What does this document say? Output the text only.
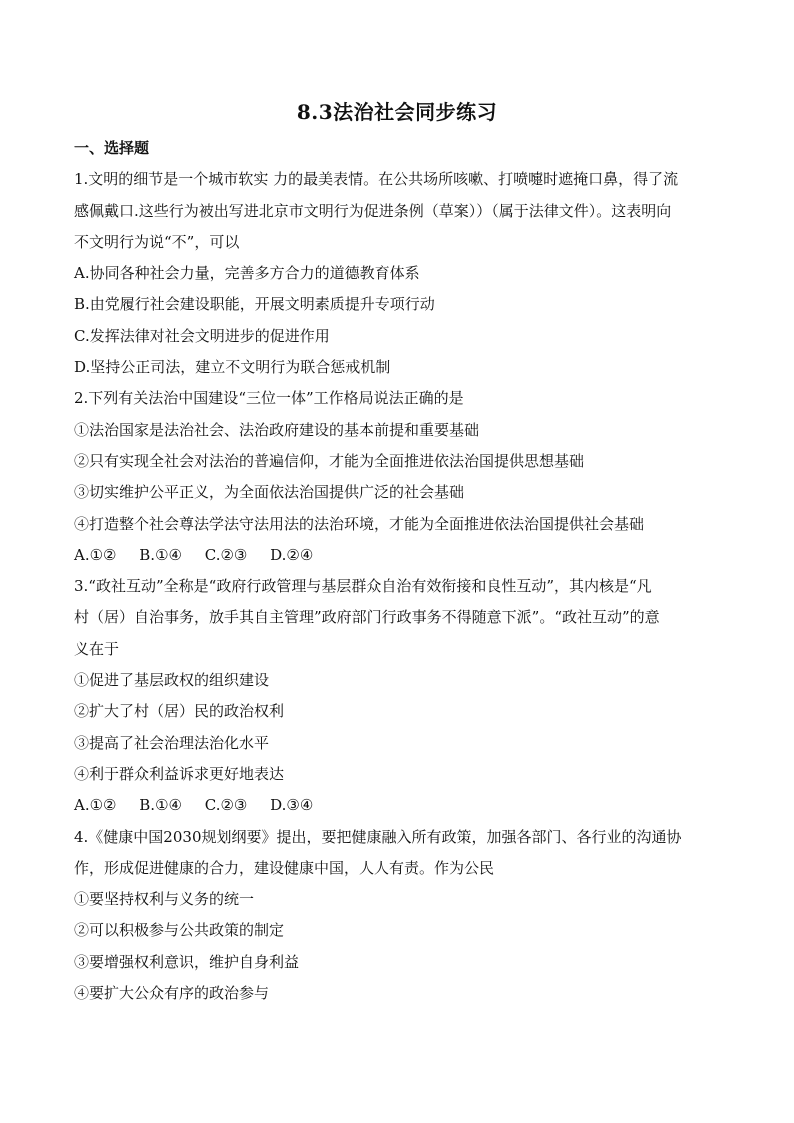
8.3法治社会同步练习
一、选择题
1.文明的细节是一个城市软实 力的最美表情。在公共场所咳嗽、打喷嚏时遮掩口鼻，得了流
感佩戴口.这些行为被出写进北京市文明行为促进条例（草案））（属于法律文件）。这表明向
不文明行为说“不”，可以
A.协同各种社会力量，完善多方合力的道德教育体系
B.由党履行社会建设职能，开展文明素质提升专项行动
C.发挥法律对社会文明进步的促进作用
D.坚持公正司法，建立不文明行为联合惩戒机制
2.下列有关法治中国建设“三位一体”工作格局说法正确的是
①法治国家是法治社会、法治政府建设的基本前提和重要基础
②只有实现全社会对法治的普遍信仰，才能为全面推进依法治国提供思想基础
③切实维护公平正义，为全面依法治国提供广泛的社会基础
④打造整个社会尊法学法守法用法的法治环境，才能为全面推进依法治国提供社会基础
A.①② B.①④ C.②③ D.②④
3.“政社互动”全称是“政府行政管理与基层群众自治有效衔接和良性互动”，其内核是“凡
村（居）自治事务，放手其自主管理”政府部门行政事务不得随意下派”。“政社互动”的意
义在于
①促进了基层政权的组织建设
②扩大了村（居）民的政治权利
③提高了社会治理法治化水平
④利于群众利益诉求更好地表达
A.①② B.①④ C.②③ D.③④
4.《健康中国2030规划纲要》提出，要把健康融入所有政策，加强各部门、各行业的沟通协
作，形成促进健康的合力，建设健康中国，人人有责。作为公民
①要坚持权利与义务的统一
②可以积极参与公共政策的制定
③要增强权利意识，维护自身利益
④要扩大公众有序的政治参与
